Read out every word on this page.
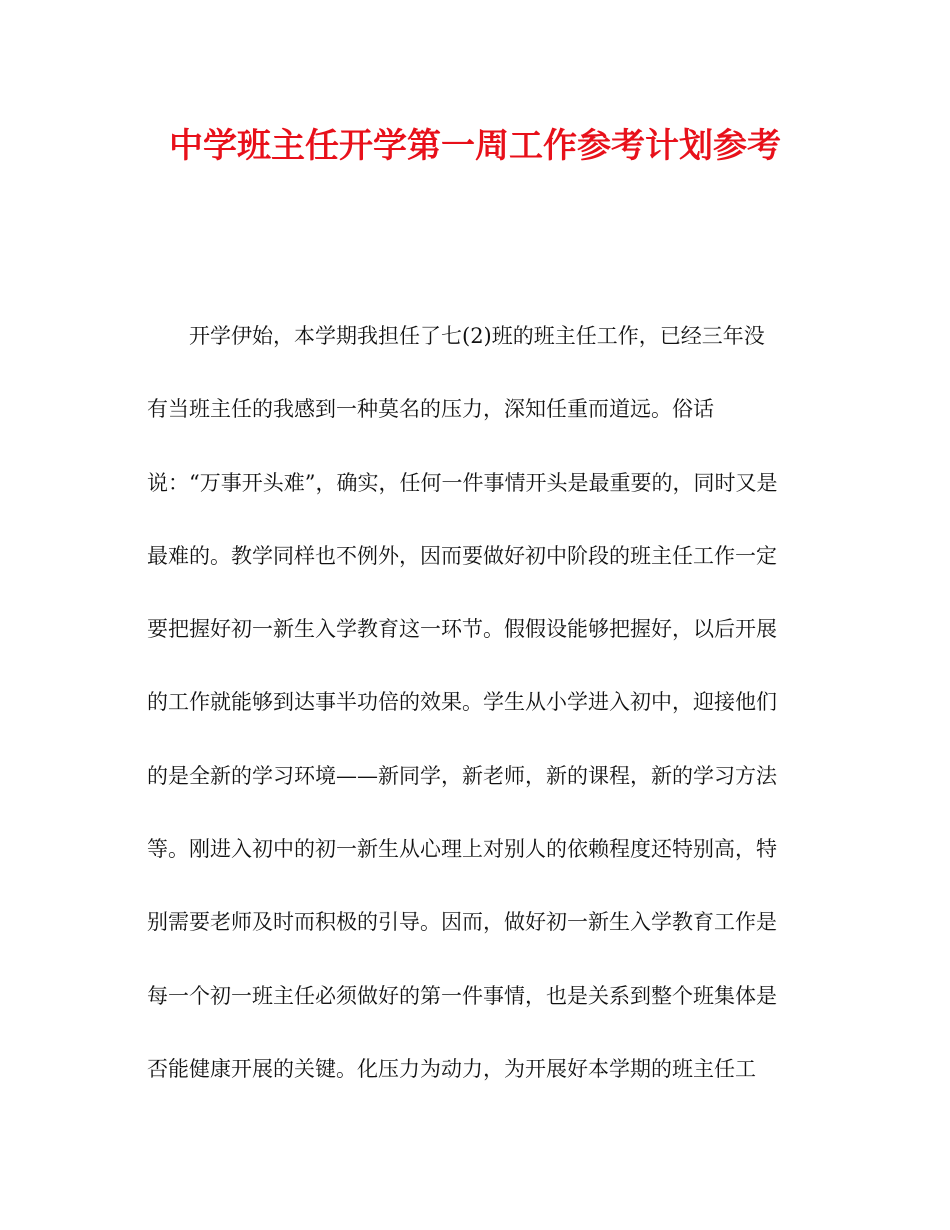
中学班主任开学第一周工作参考计划参考
开学伊始，本学期我担任了七(2)班的班主任工作，已经三年没
有当班主任的我感到一种莫名的压力，深知任重而道远。俗话
说：“万事开头难”，确实，任何一件事情开头是最重要的，同时又是
最难的。教学同样也不例外，因而要做好初中阶段的班主任工作一定
要把握好初一新生入学教育这一环节。假假设能够把握好，以后开展
的工作就能够到达事半功倍的效果。学生从小学进入初中，迎接他们
的是全新的学习环境——新同学，新老师，新的课程，新的学习方法
等。刚进入初中的初一新生从心理上对别人的依赖程度还特别高，特
别需要老师及时而积极的引导。因而，做好初一新生入学教育工作是
每一个初一班主任必须做好的第一件事情，也是关系到整个班集体是
否能健康开展的关键。化压力为动力，为开展好本学期的班主任工
